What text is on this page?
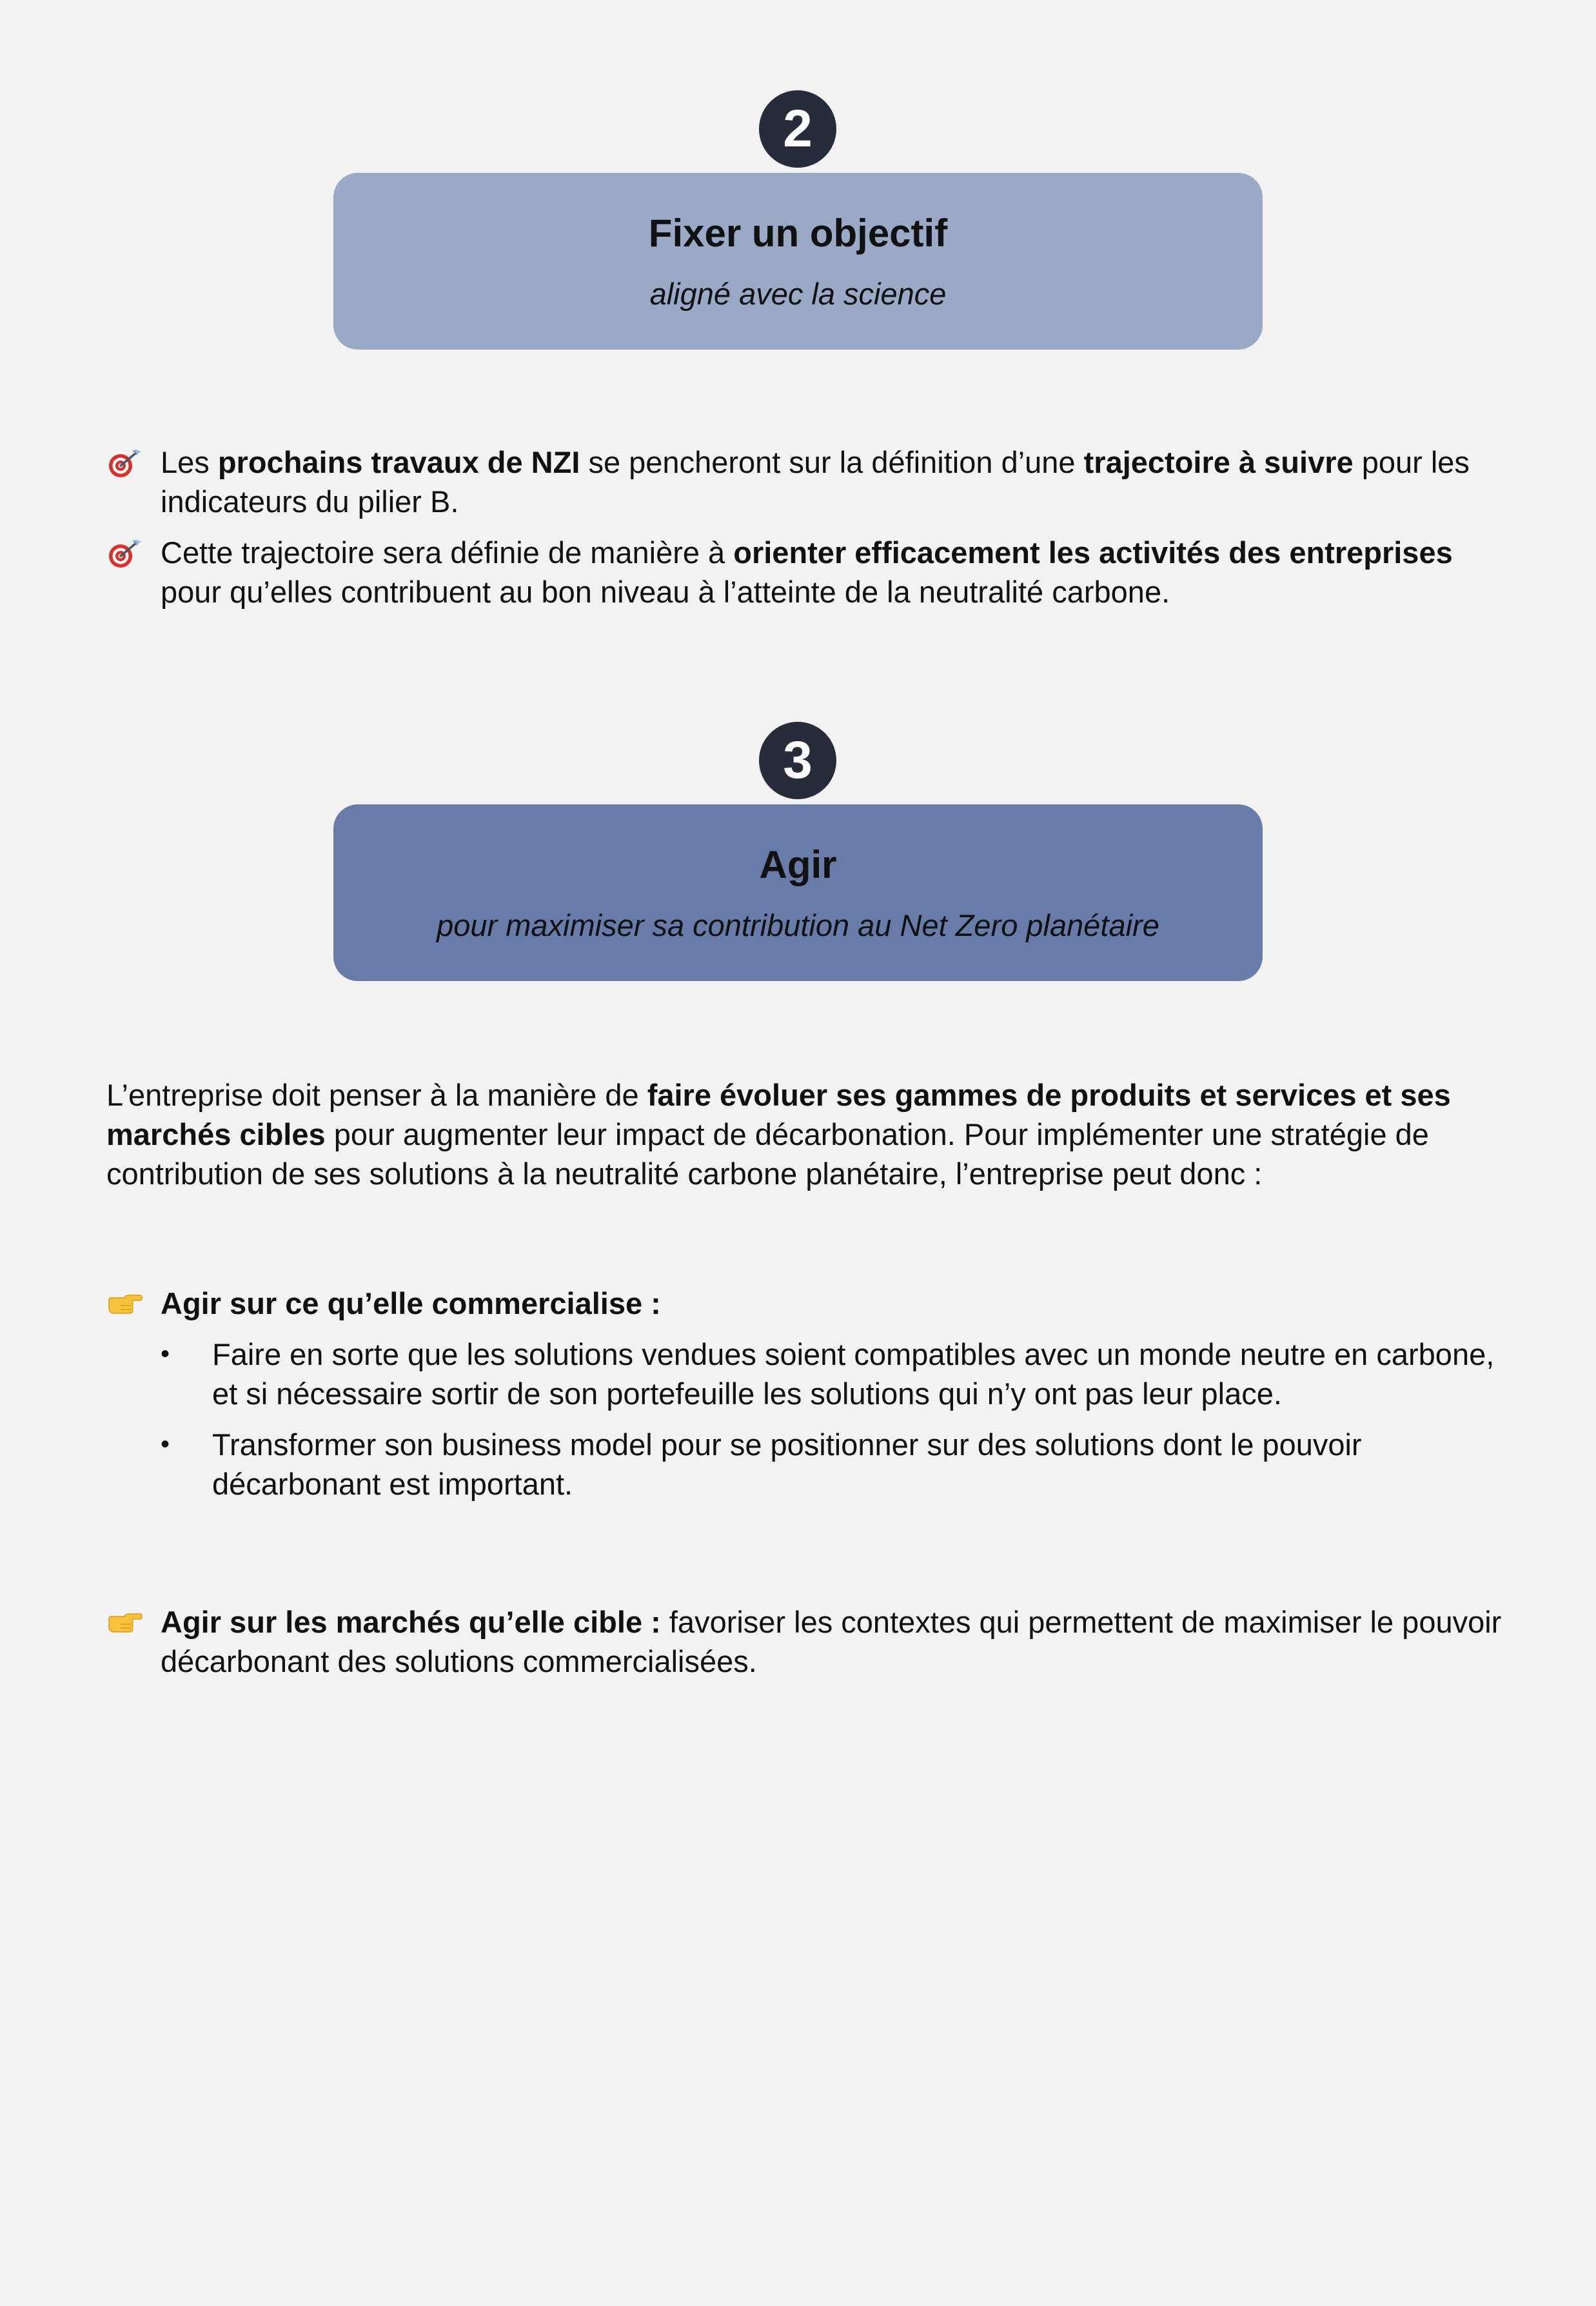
2
Fixer un objectif
aligné avec la science

Les prochains travaux de NZI se pencheront sur la définition d’une trajectoire à suivre pour les indicateurs du pilier B.

Cette trajectoire sera définie de manière à orienter efficacement les activités des entreprises pour qu’elles contribuent au bon niveau à l’atteinte de la neutralité carbone.

3
Agir
pour maximiser sa contribution au Net Zero planétaire

L’entreprise doit penser à la manière de faire évoluer ses gammes de produits et services et ses marchés cibles pour augmenter leur impact de décarbonation. Pour implémenter une stratégie de contribution de ses solutions à la neutralité carbone planétaire, l’entreprise peut donc :

Agir sur ce qu’elle commercialise :

• Faire en sorte que les solutions vendues soient compatibles avec un monde neutre en carbone, et si nécessaire sortir de son portefeuille les solutions qui n’y ont pas leur place.
• Transformer son business model pour se positionner sur des solutions dont le pouvoir décarbonant est important.

Agir sur les marchés qu’elle cible : favoriser les contextes qui permettent de maximiser le pouvoir décarbonant des solutions commercialisées.
